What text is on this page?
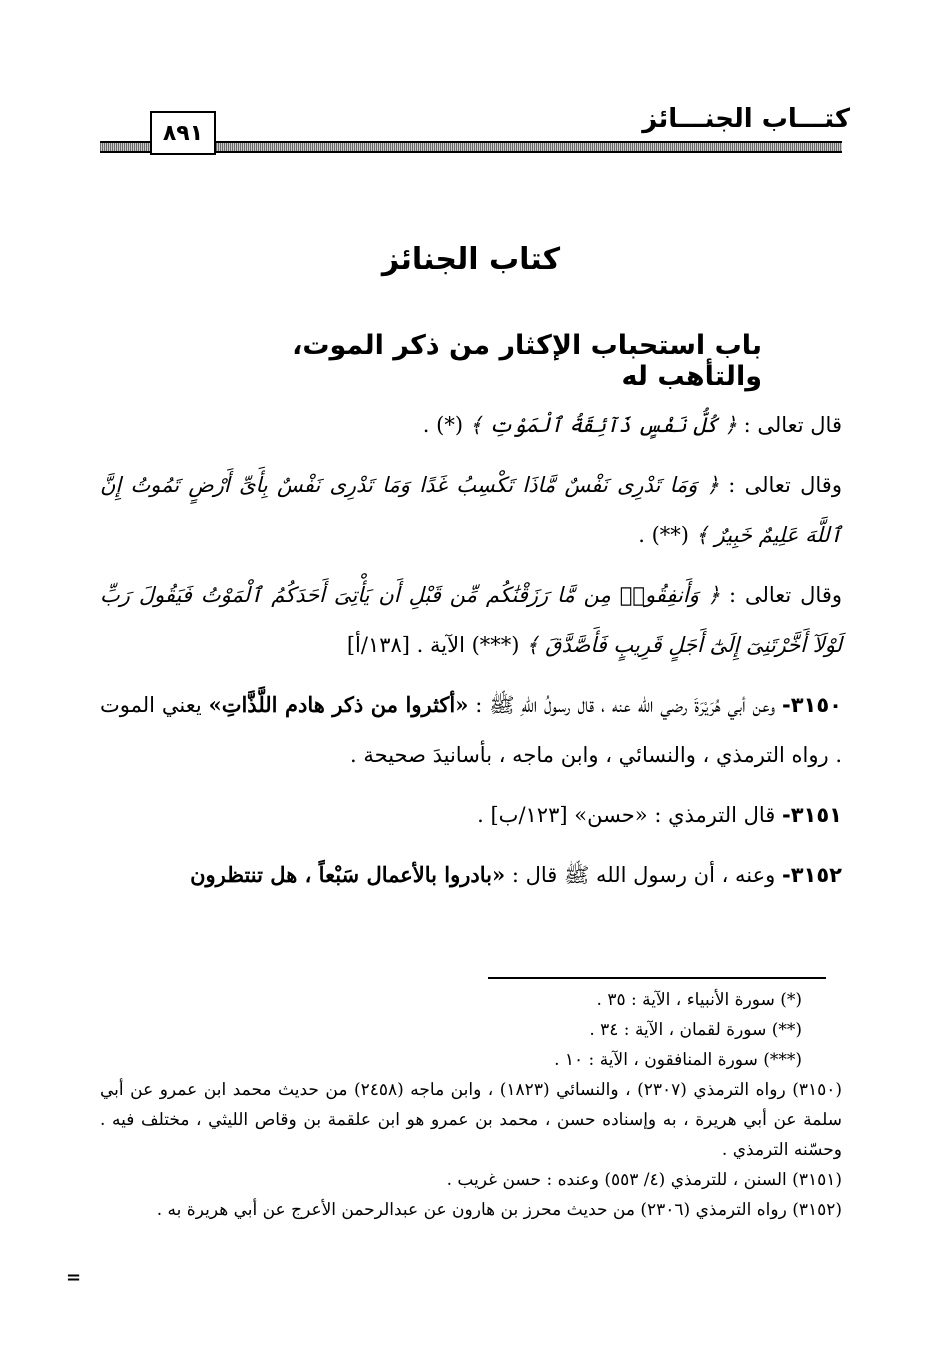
كتـــاب الجنـــائز
٨٩١
كتاب الجنائز
باب استحباب الإكثار من ذكر الموت، والتأهب له

قال تعالى : ﴿ كُلُّ نَفْسٍ ذَآئِقَةُ ٱلْمَوْتِ ﴾ (*) .

وقال تعالى : ﴿ وَمَا تَدْرِى نَفْسٌ مَّاذَا تَكْسِبُ غَدًا وَمَا تَدْرِى نَفْسٌ بِأَىِّ أَرْضٍ تَمُوتُ إِنَّ ٱللَّهَ عَلِيمٌ خَبِيرٌ ﴾ (**) .

وقال تعالى : ﴿ وَأَنفِقُوا۟ مِن مَّا رَزَقْنَٰكُم مِّن قَبْلِ أَن يَأْتِىَ أَحَدَكُمُ ٱلْمَوْتُ فَيَقُولَ رَبِّ لَوْلَآ أَخَّرْتَنِىٓ إِلَىٰٓ أَجَلٍ قَرِيبٍ فَأَصَّدَّقَ ﴾ (***) الآية . [١٣٨/أ]

٣١٥٠- وعن أبي هُرَيْرَةَ رضي الله عنه ، قال رسولُ اللهِ ﷺ : «أكثروا من ذكر هادم اللَّذَّاتِ» يعني الموت . رواه الترمذي ، والنسائي ، وابن ماجه ، بأسانيدَ صحيحة .

٣١٥١- قال الترمذي : «حسن» [١٢٣/ب] .

٣١٥٢- وعنه ، أن رسول الله ﷺ قال : «بادروا بالأعمال سَبْعاً ، هل تنتظرون

(*) سورة الأنبياء ، الآية : ٣٥ .
(**) سورة لقمان ، الآية : ٣٤ .
(***) سورة المنافقون ، الآية : ١٠ .
(٣١٥٠) رواه الترمذي (٢٣٠٧) ، والنسائي (١٨٢٣) ، وابن ماجه (٢٤٥٨) من حديث محمد ابن عمرو عن أبي سلمة عن أبي هريرة ، به وإسناده حسن ، محمد بن عمرو هو ابن علقمة بن وقاص الليثي ، مختلف فيه . وحسّنه الترمذي .
(٣١٥١) السنن ، للترمذي (٤/ ٥٥٣) وعنده : حسن غريب .
(٣١٥٢) رواه الترمذي (٢٣٠٦) من حديث محرز بن هارون عن عبدالرحمن الأعرج عن أبي هريرة به .
=
